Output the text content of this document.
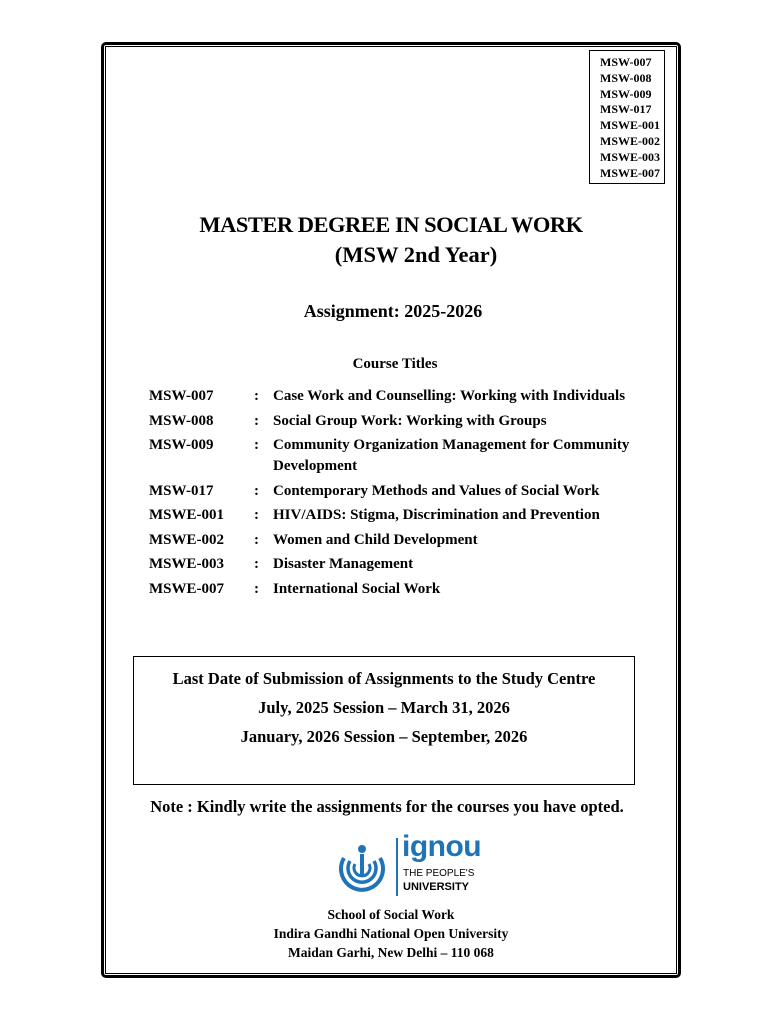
MSW-007
MSW-008
MSW-009
MSW-017
MSWE-001
MSWE-002
MSWE-003
MSWE-007
MASTER DEGREE IN SOCIAL WORK
(MSW 2nd Year)
Assignment: 2025-2026
Course Titles
MSW-007	: Case Work and Counselling: Working with Individuals
MSW-008	: Social Group Work: Working with Groups
MSW-009	: Community Organization Management for Community Development
MSW-017	: Contemporary Methods and Values of Social Work
MSWE-001	: HIV/AIDS: Stigma, Discrimination and Prevention
MSWE-002	: Women and Child Development
MSWE-003	: Disaster Management
MSWE-007	: International Social Work
Last Date of Submission of Assignments to the Study Centre
July, 2025 Session – March 31, 2026
January, 2026 Session – September, 2026
Note : Kindly write the assignments for the courses you have opted.
ignou
THE PEOPLE'S
UNIVERSITY
School of Social Work
Indira Gandhi National Open University
Maidan Garhi, New Delhi – 110 068
